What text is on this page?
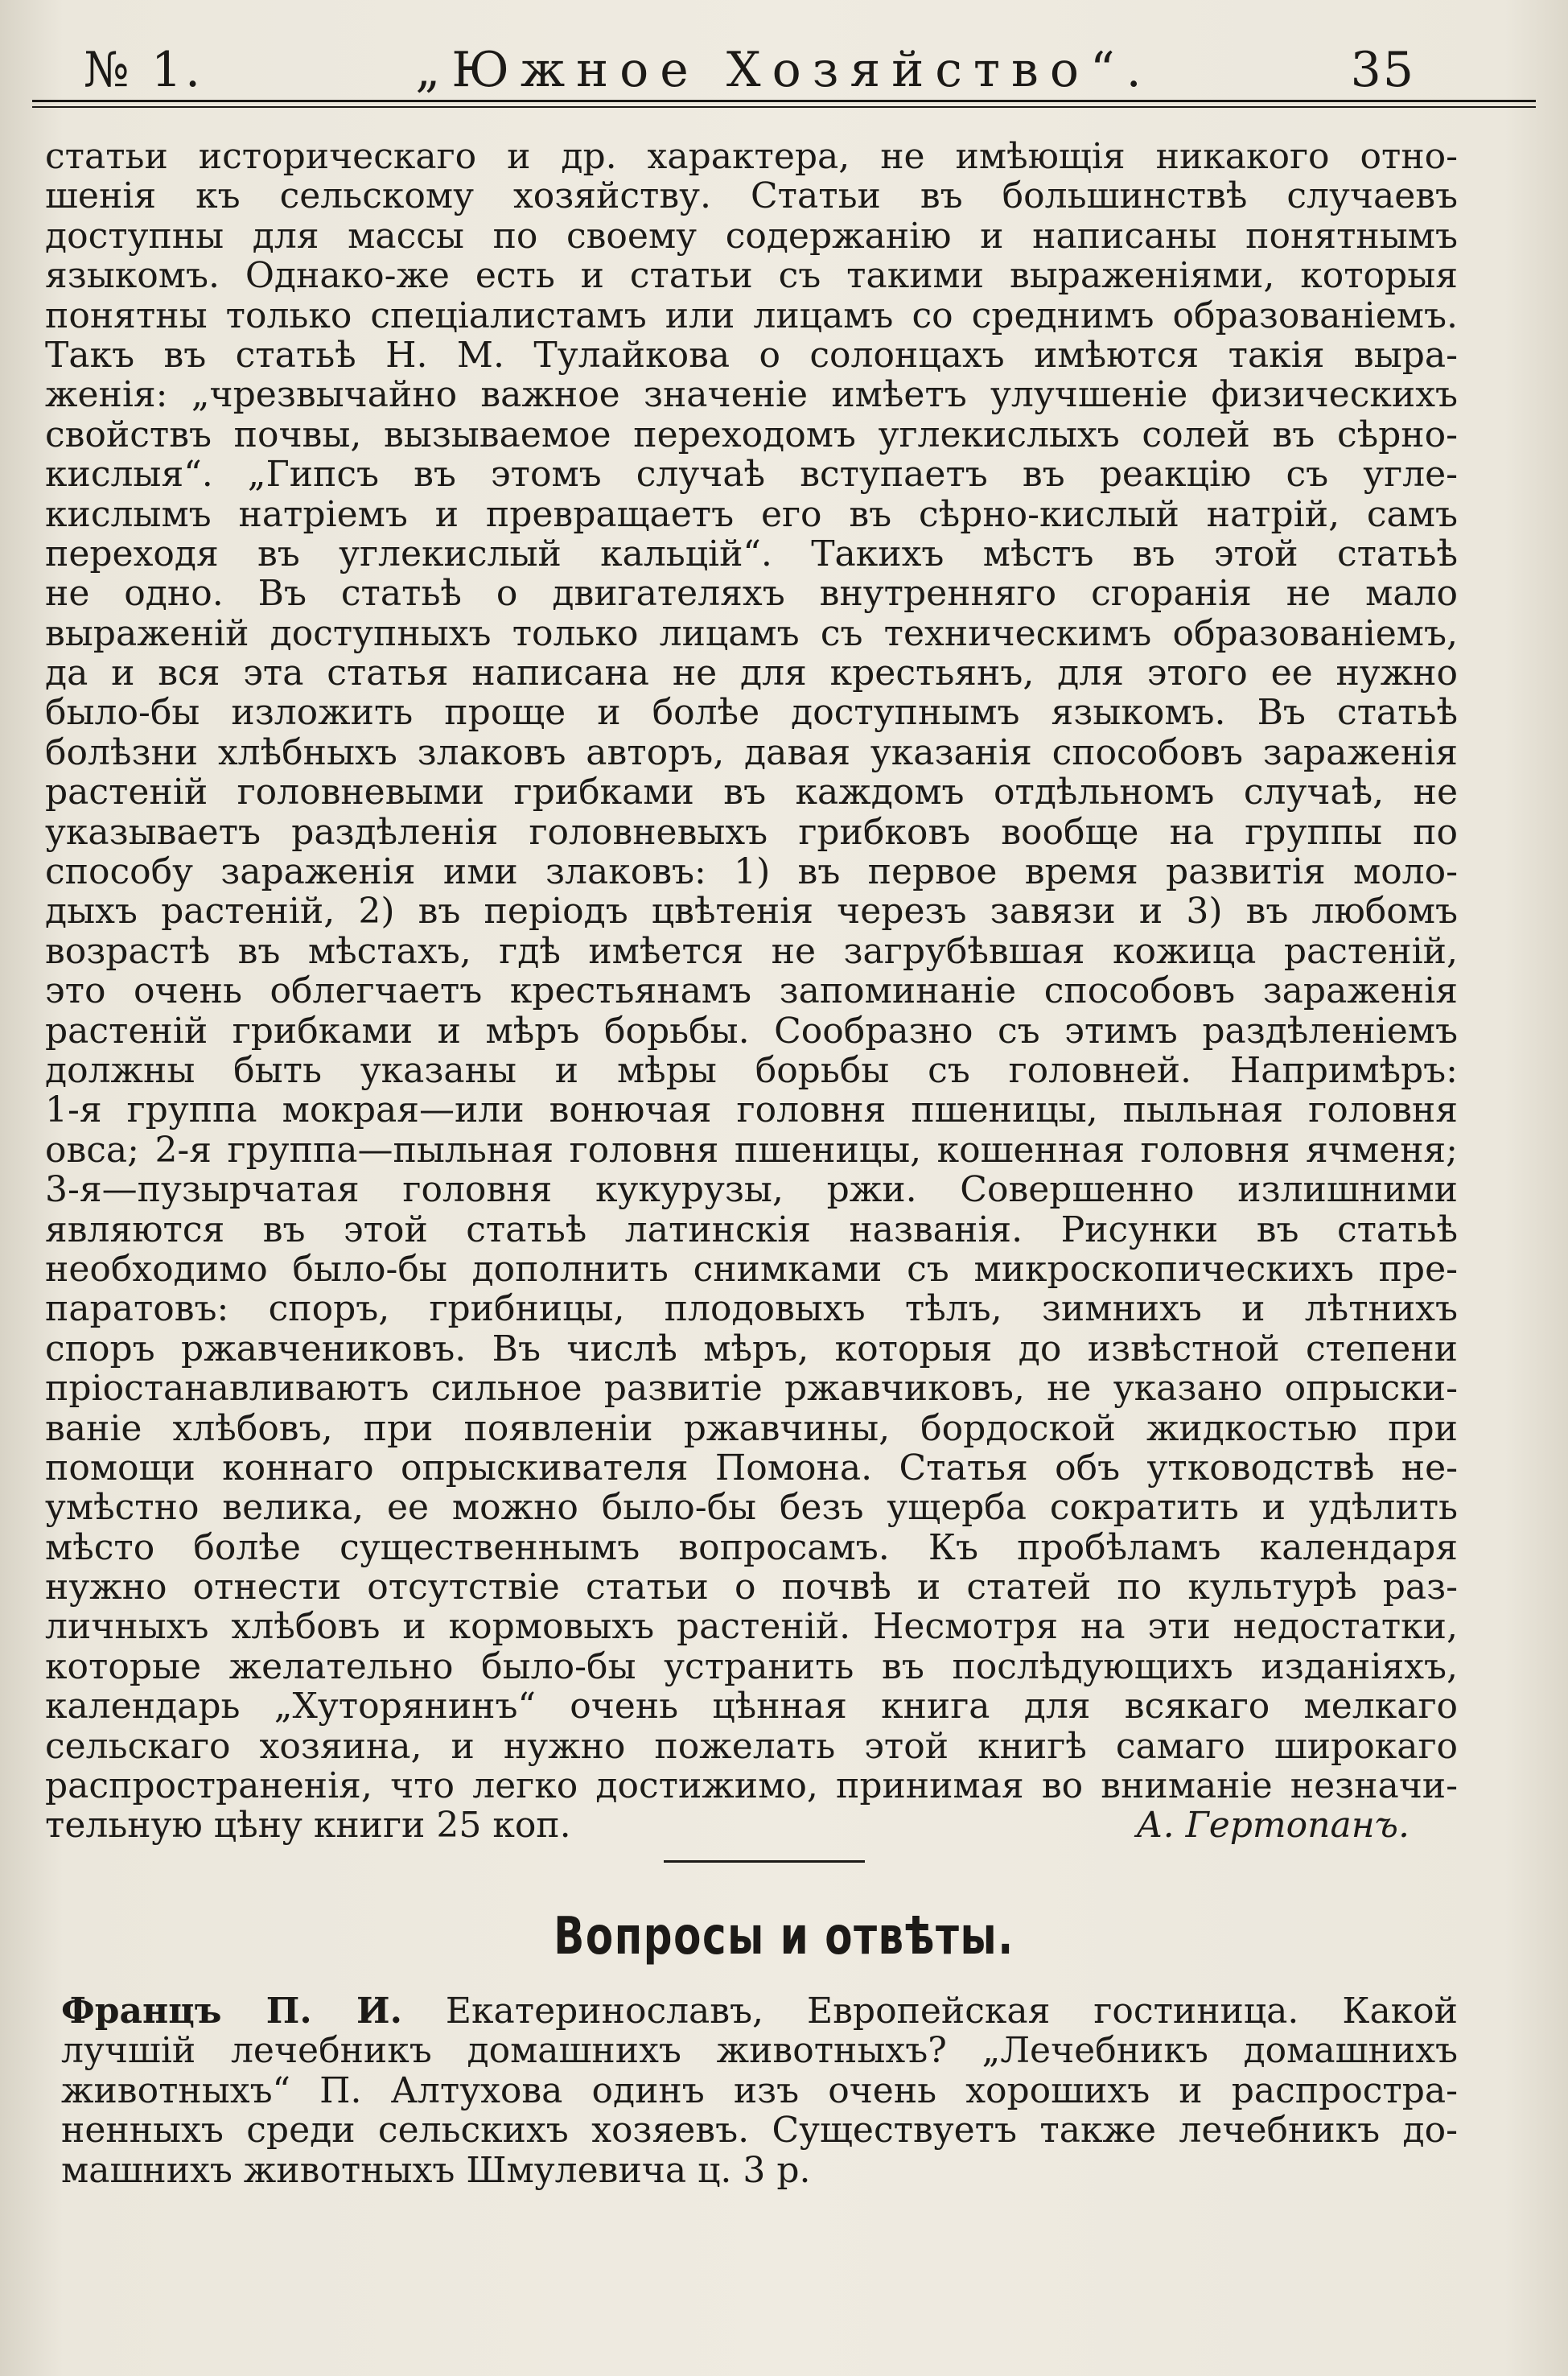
№ 1.	„Южное Хозяйство“.	35
статьи историческаго и др. характера, не имѣющія никакого отно-
шенія къ сельскому хозяйству. Статьи въ большинствѣ случаевъ
доступны для массы по своему содержанію и написаны понятнымъ
языкомъ. Однако-же есть и статьи съ такими выраженіями, которыя
понятны только спеціалистамъ или лицамъ со среднимъ образованіемъ.
Такъ въ статьѣ Н. М. Тулайкова о солонцахъ имѣются такія выра-
женія: „чрезвычайно важное значеніе имѣетъ улучшеніе физическихъ
свойствъ почвы, вызываемое переходомъ углекислыхъ солей въ сѣрно-
кислыя“. „Гипсъ въ этомъ случаѣ вступаетъ въ реакцію съ угле-
кислымъ натріемъ и превращаетъ его въ сѣрно-кислый натрій, самъ
переходя въ углекислый кальцій“. Такихъ мѣстъ въ этой статьѣ
не одно. Въ статьѣ о двигателяхъ внутренняго сгоранія не мало
выраженій доступныхъ только лицамъ съ техническимъ образованіемъ,
да и вся эта статья написана не для крестьянъ, для этого ее нужно
было-бы изложить проще и болѣе доступнымъ языкомъ. Въ статьѣ
болѣзни хлѣбныхъ злаковъ авторъ, давая указанія способовъ зараженія
растеній головневыми грибками въ каждомъ отдѣльномъ случаѣ, не
указываетъ раздѣленія головневыхъ грибковъ вообще на группы по
способу зараженія ими злаковъ: 1) въ первое время развитія моло-
дыхъ растеній, 2) въ періодъ цвѣтенія черезъ завязи и 3) въ любомъ
возрастѣ въ мѣстахъ, гдѣ имѣется не загрубѣвшая кожица растеній,
это очень облегчаетъ крестьянамъ запоминаніе способовъ зараженія
растеній грибками и мѣръ борьбы. Сообразно съ этимъ раздѣленіемъ
должны быть указаны и мѣры борьбы съ головней. Напримѣръ:
1-я группа мокрая—или вонючая головня пшеницы, пыльная головня
овса; 2-я группа—пыльная головня пшеницы, кошенная головня ячменя;
3-я—пузырчатая головня кукурузы, ржи. Совершенно излишними
являются въ этой статьѣ латинскія названія. Рисунки въ статьѣ
необходимо было-бы дополнить снимками съ микроскопическихъ пре-
паратовъ: споръ, грибницы, плодовыхъ тѣлъ, зимнихъ и лѣтнихъ
споръ ржавчениковъ. Въ числѣ мѣръ, которыя до извѣстной степени
пріостанавливаютъ сильное развитіе ржавчиковъ, не указано опрыски-
ваніе хлѣбовъ, при появленіи ржавчины, бордоской жидкостью при
помощи коннаго опрыскивателя Помона. Статья объ утководствѣ не-
умѣстно велика, ее можно было-бы безъ ущерба сократить и удѣлить
мѣсто болѣе существеннымъ вопросамъ. Къ пробѣламъ календаря
нужно отнести отсутствіе статьи о почвѣ и статей по культурѣ раз-
личныхъ хлѣбовъ и кормовыхъ растеній. Несмотря на эти недостатки,
которые желательно было-бы устранить въ послѣдующихъ изданіяхъ,
календарь „Хуторянинъ“ очень цѣнная книга для всякаго мелкаго
сельскаго хозяина, и нужно пожелать этой книгѣ самаго широкаго
распространенія, что легко достижимо, принимая во вниманіе незначи-
тельную цѣну книги 25 коп.	А. Гертопанъ.
Вопросы и отвѣты.
Францъ П. И. Екатеринославъ, Европейская гостиница. Какой
лучшій лечебникъ домашнихъ животныхъ? „Лечебникъ домашнихъ
животныхъ“ П. Алтухова одинъ изъ очень хорошихъ и распростра-
ненныхъ среди сельскихъ хозяевъ. Существуетъ также лечебникъ до-
машнихъ животныхъ Шмулевича ц. 3 р.
